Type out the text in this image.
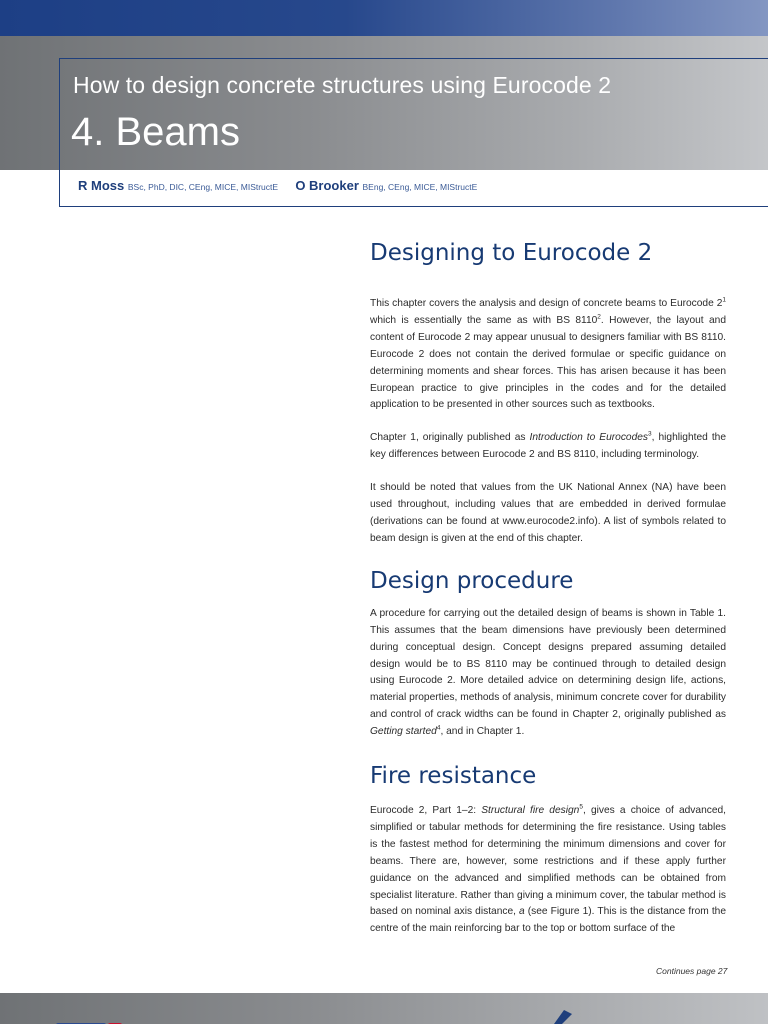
How to design concrete structures using Eurocode 2
4. Beams
R Moss BSc, PhD, DIC, CEng, MICE, MIStructE O Brooker BEng, CEng, MICE, MIStructE
Designing to Eurocode 2

This chapter covers the analysis and design of concrete beams to Eurocode $2^1$ which is essentially the same as with BS 8110$^2$. However, the layout and content of Eurocode 2 may appear unusual to designers familiar with BS 8110. Eurocode 2 does not contain the derived formulae or specific guidance on determining moments and shear forces. This has arisen because it has been European practice to give principles in the codes and for the detailed application to be presented in other sources such as textbooks.

Chapter 1, originally published as Introduction to Eurocodes$^3$, highlighted the key differences between Eurocode 2 and BS 8110, including terminology.

It should be noted that values from the UK National Annex (NA) have been used throughout, including values that are embedded in derived formulae (derivations can be found at www.eurocode2.info). A list of symbols related to beam design is given at the end of this chapter.

Design procedure

A procedure for carrying out the detailed design of beams is shown in Table 1. This assumes that the beam dimensions have previously been determined during conceptual design. Concept designs prepared assuming detailed design would be to BS 8110 may be continued through to detailed design using Eurocode 2. More detailed advice on determining design life, actions, material properties, methods of analysis, minimum concrete cover for durability and control of crack widths can be found in Chapter 2, originally published as Getting started$^4$, and in Chapter 1.

Fire resistance

Eurocode 2, Part 1–2: Structural fire design$^5$, gives a choice of advanced, simplified or tabular methods for determining the fire resistance. Using tables is the fastest method for determining the minimum dimensions and cover for beams. There are, however, some restrictions and if these apply further guidance on the advanced and simplified methods can be obtained from specialist literature. Rather than giving a minimum cover, the tabular method is based on nominal axis distance, a (see Figure 1). This is the distance from the centre of the main reinforcing bar to the top or bottom surface of the

Continues page 27
